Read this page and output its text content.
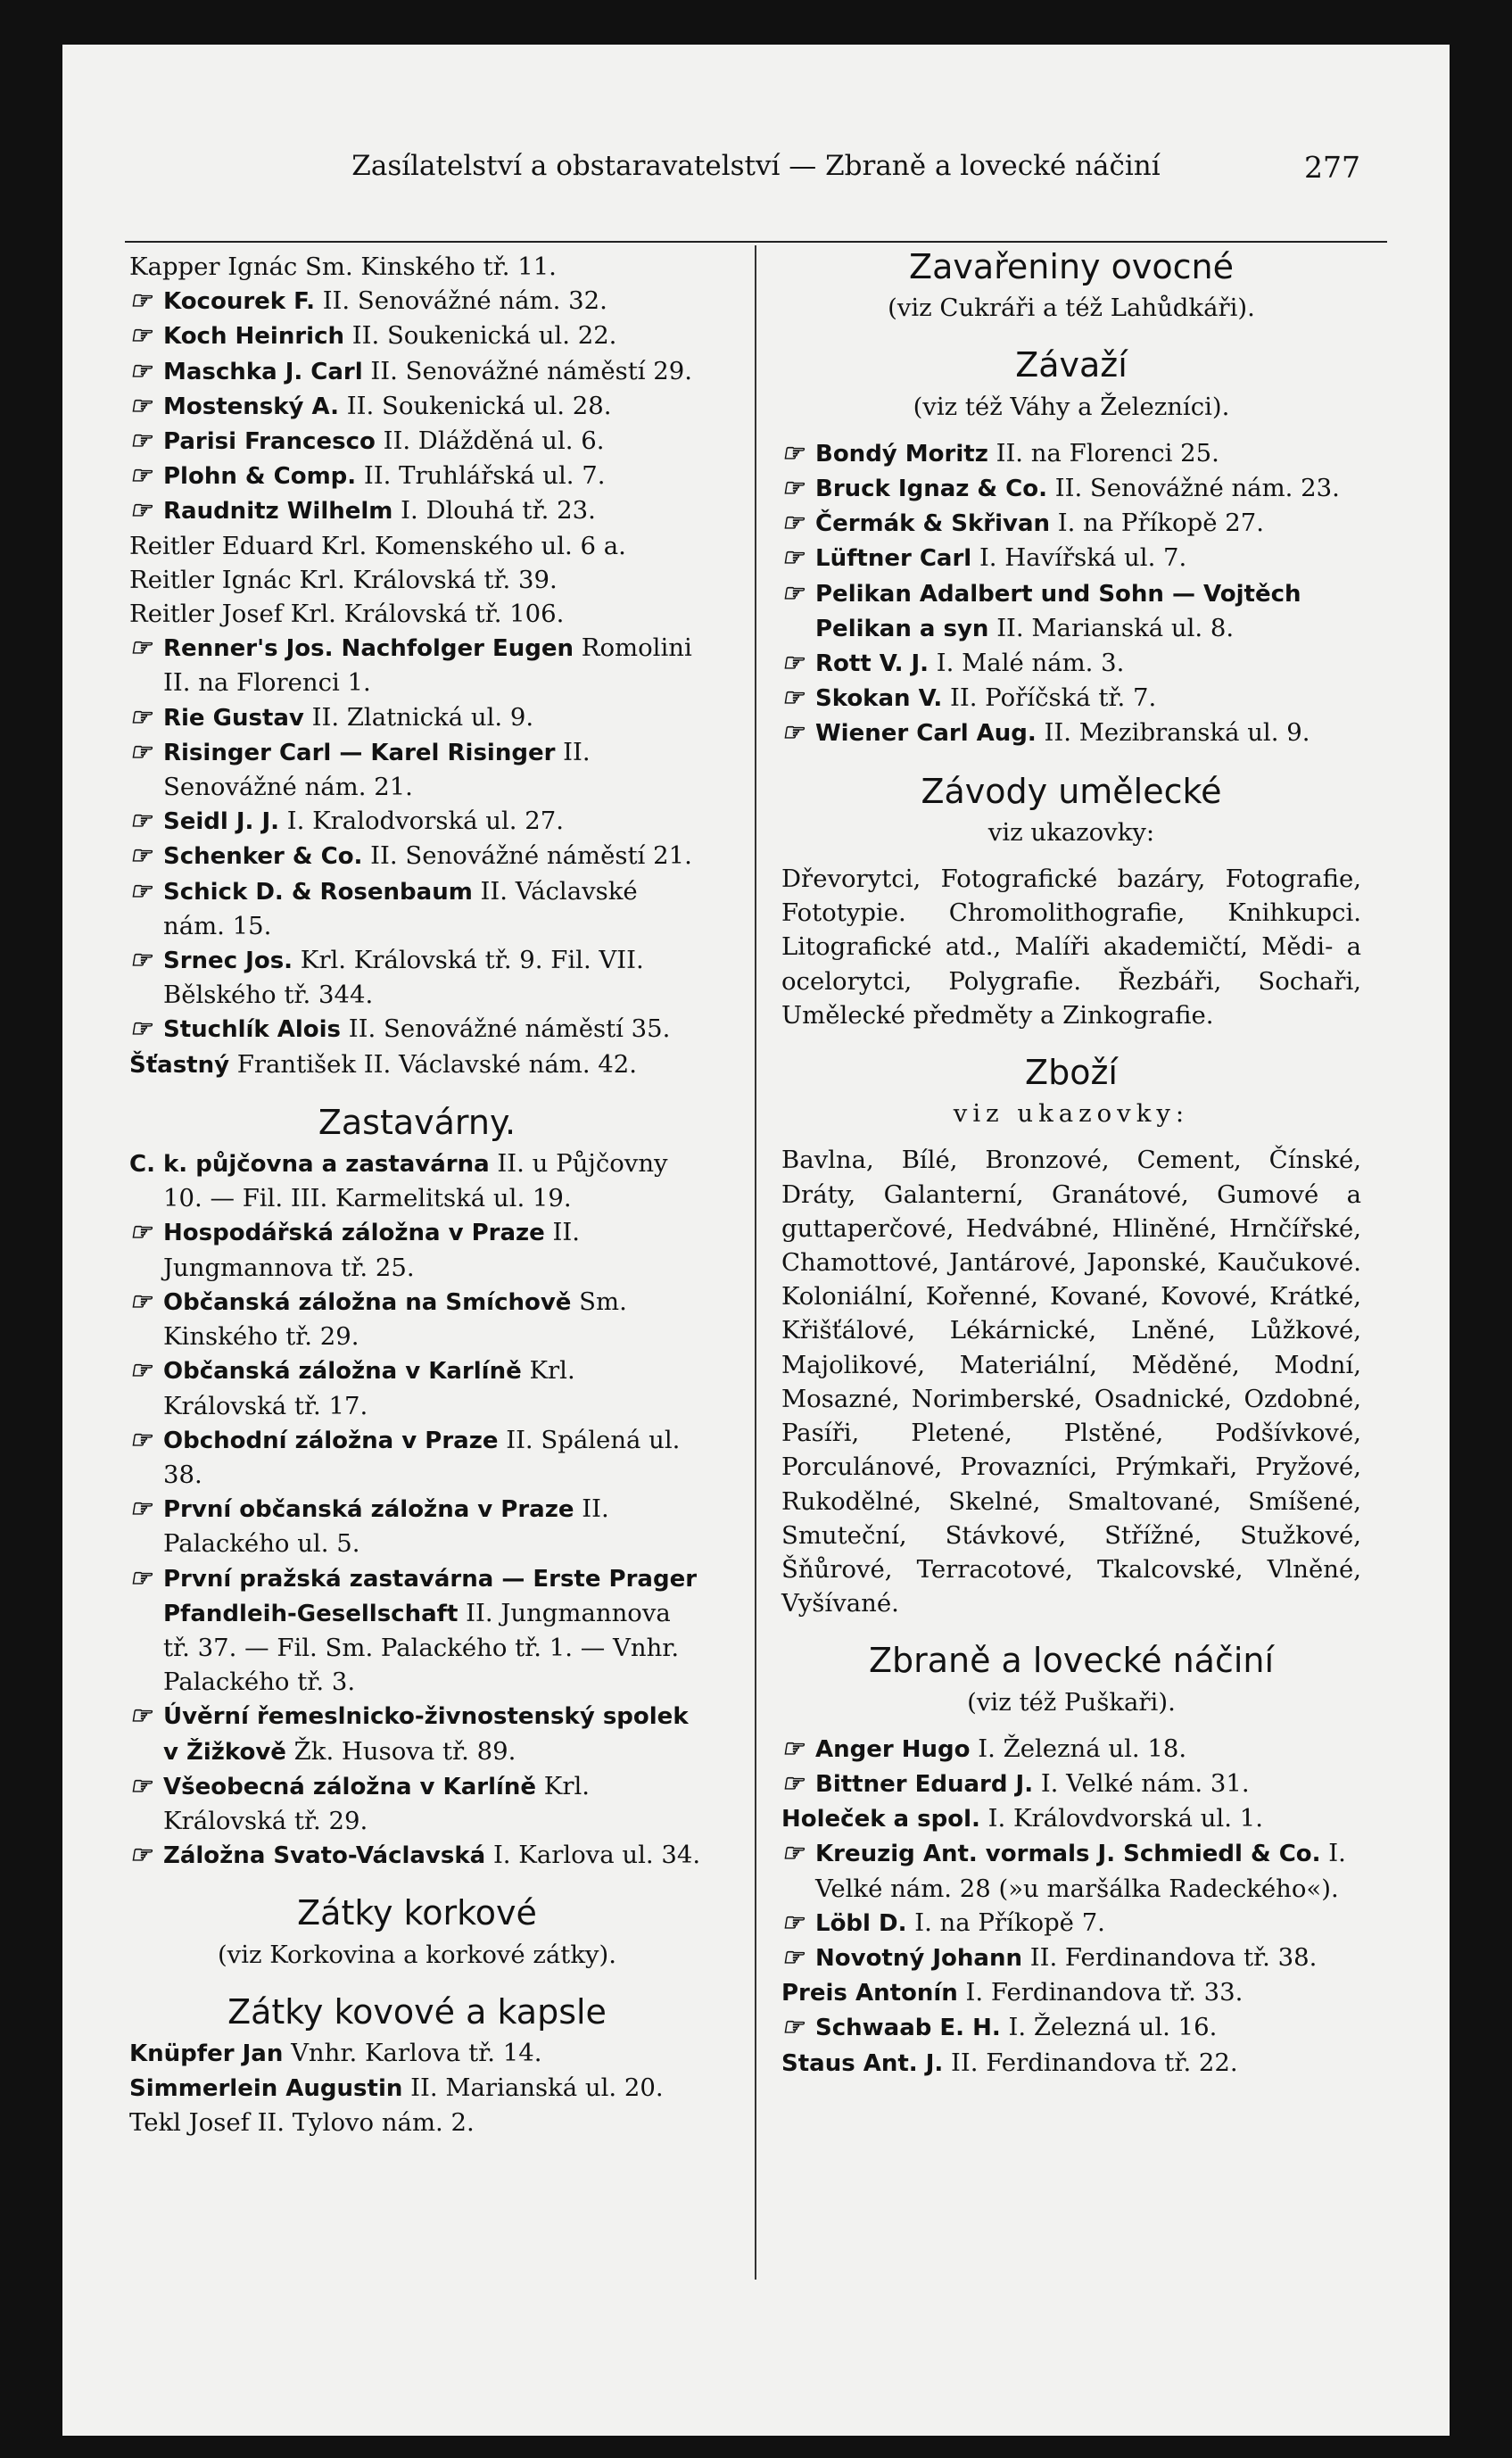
Zasílatelství a obstaravatelství — Zbraně a lovecké náčiní	277
Kapper Ignác Sm. Kinského tř. 11.
☞ Kocourek F. II. Senovážné nám. 32.
☞ Koch Heinrich II. Soukenická ul. 22.
☞ Maschka J. Carl II. Senovážné náměstí 29.
☞ Mostenský A. II. Soukenická ul. 28.
☞ Parisi Francesco II. Dlážděná ul. 6.
☞ Plohn & Comp. II. Truhlářská ul. 7.
☞ Raudnitz Wilhelm I. Dlouhá tř. 23.
Reitler Eduard Krl. Komenského ul. 6 a.
Reitler Ignác Krl. Královská tř. 39.
Reitler Josef Krl. Královská tř. 106.
☞ Renner's Jos. Nachfolger Eugen Romolini II. na Florenci 1.
☞ Rie Gustav II. Zlatnická ul. 9.
☞ Risinger Carl — Karel Risinger II. Senovážné nám. 21.
☞ Seidl J. J. I. Kralodvorská ul. 27.
☞ Schenker & Co. II. Senovážné náměstí 21.
☞ Schick D. & Rosenbaum II. Václavské nám. 15.
☞ Srnec Jos. Krl. Královská tř. 9. Fil. VII. Bělského tř. 344.
☞ Stuchlík Alois II. Senovážné náměstí 35.
Šťastný František II. Václavské nám. 42.
Zastavárny.
C. k. půjčovna a zastavárna II. u Půjčovny 10. — Fil. III. Karmelitská ul. 19.
☞ Hospodářská záložna v Praze II. Jungmannova tř. 25.
☞ Občanská záložna na Smíchově Sm. Kinského tř. 29.
☞ Občanská záložna v Karlíně Krl. Královská tř. 17.
☞ Obchodní záložna v Praze II. Spálená ul. 38.
☞ První občanská záložna v Praze II. Palackého ul. 5.
☞ První pražská zastavárna — Erste Prager Pfandleih-Gesellschaft II. Jungmannova tř. 37. — Fil. Sm. Palackého tř. 1. — Vnhr. Palackého tř. 3.
☞ Úvěrní řemeslnicko-živnostenský spolek v Žižkově Žk. Husova tř. 89.
☞ Všeobecná záložna v Karlíně Krl. Královská tř. 29.
☞ Záložna Svato-Václavská I. Karlova ul. 34.
Zátky korkové
(viz Korkovina a korkové zátky).
Zátky kovové a kapsle
Knüpfer Jan Vnhr. Karlova tř. 14.
Simmerlein Augustin II. Marianská ul. 20.
Tekl Josef II. Tylovo nám. 2.
Zavařeniny ovocné
(viz Cukráři a též Lahůdkáři).
Závaží
(viz též Váhy a Železníci).
☞ Bondý Moritz II. na Florenci 25.
☞ Bruck Ignaz & Co. II. Senovážné nám. 23.
☞ Čermák & Skřivan I. na Příkopě 27.
☞ Lüftner Carl I. Havířská ul. 7.
☞ Pelikan Adalbert und Sohn — Vojtěch Pelikan a syn II. Marianská ul. 8.
☞ Rott V. J. I. Malé nám. 3.
☞ Skokan V. II. Poříčská tř. 7.
☞ Wiener Carl Aug. II. Mezibranská ul. 9.
Závody umělecké
viz ukazovky:
Dřevorytci, Fotografické bazáry, Fotografie, Fototypie. Chromolithografie, Knihkupci. Litografické atd., Malíři akademičtí, Mědi- a ocelorytci, Polygrafie. Řezbáři, Sochaři, Umělecké předměty a Zinkografie.
Zboží
viz ukazovky:
Bavlna, Bílé, Bronzové, Cement, Čínské, Dráty, Galanterní, Granátové, Gumové a guttaperčové, Hedvábné, Hliněné, Hrnčířské, Chamottové, Jantárové, Japonské, Kaučukové. Koloniální, Kořenné, Kované, Kovové, Krátké, Křišťálové, Lékárnické, Lněné, Lůžkové, Majolikové, Materiální, Měděné, Modní, Mosazné, Norimberské, Osadnické, Ozdobné, Pasíři, Pletené, Plstěné, Podšívkové, Porculánové, Provazníci, Prýmkaři, Pryžové, Rukodělné, Skelné, Smaltované, Smíšené, Smuteční, Stávkové, Střížné, Stužkové, Šňůrové, Terracotové, Tkalcovské, Vlněné, Vyšívané.
Zbraně a lovecké náčiní
(viz též Puškaři).
☞ Anger Hugo I. Železná ul. 18.
☞ Bittner Eduard J. I. Velké nám. 31.
Holeček a spol. I. Královdvorská ul. 1.
☞ Kreuzig Ant. vormals J. Schmiedl & Co. I. Velké nám. 28 (»u maršálka Radeckého«).
☞ Löbl D. I. na Příkopě 7.
☞ Novotný Johann II. Ferdinandova tř. 38.
Preis Antonín I. Ferdinandova tř. 33.
☞ Schwaab E. H. I. Železná ul. 16.
Staus Ant. J. II. Ferdinandova tř. 22.
